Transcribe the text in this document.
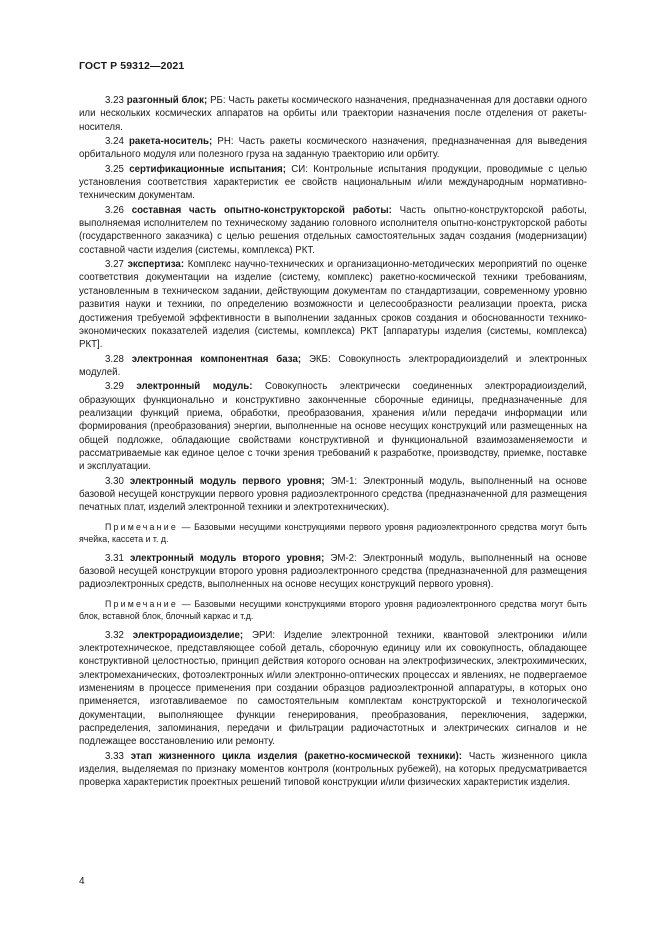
ГОСТ Р 59312—2021

3.23 разгонный блок; РБ: Часть ракеты космического назначения, предназначенная для доставки одного или нескольких космических аппаратов на орбиты или траектории назначения после отделения от ракеты-носителя.

3.24 ракета-носитель; РН: Часть ракеты космического назначения, предназначенная для выведения орбитального модуля или полезного груза на заданную траекторию или орбиту.

3.25 сертификационные испытания; СИ: Контрольные испытания продукции, проводимые с целью установления соответствия характеристик ее свойств национальным и/или международным нормативно-техническим документам.

3.26 составная часть опытно-конструкторской работы: Часть опытно-конструкторской работы, выполняемая исполнителем по техническому заданию головного исполнителя опытно-конструкторской работы (государственного заказчика) с целью решения отдельных самостоятельных задач создания (модернизации) составной части изделия (системы, комплекса) РКТ.

3.27 экспертиза: Комплекс научно-технических и организационно-методических мероприятий по оценке соответствия документации на изделие (систему, комплекс) ракетно-космической техники требованиям, установленным в техническом задании, действующим документам по стандартизации, современному уровню развития науки и техники, по определению возможности и целесообразности реализации проекта, риска достижения требуемой эффективности в выполнении заданных сроков создания и обоснованности технико-экономических показателей изделия (системы, комплекса) РКТ [аппаратуры изделия (системы, комплекса) РКТ].

3.28 электронная компонентная база; ЭКБ: Совокупность электрорадиоизделий и электронных модулей.

3.29 электронный модуль: Совокупность электрически соединенных электрорадиоизделий, образующих функционально и конструктивно законченные сборочные единицы, предназначенные для реализации функций приема, обработки, преобразования, хранения и/или передачи информации или формирования (преобразования) энергии, выполненные на основе несущих конструкций или размещенных на общей подложке, обладающие свойствами конструктивной и функциональной взаимозаменяемости и рассматриваемые как единое целое с точки зрения требований к разработке, производству, приемке, поставке и эксплуатации.

3.30 электронный модуль первого уровня; ЭМ-1: Электронный модуль, выполненный на основе базовой несущей конструкции первого уровня радиоэлектронного средства (предназначенной для размещения печатных плат, изделий электронной техники и электротехнических).

Примечание — Базовыми несущими конструкциями первого уровня радиоэлектронного средства могут быть ячейка, кассета и т. д.

3.31 электронный модуль второго уровня; ЭМ-2: Электронный модуль, выполненный на основе базовой несущей конструкции второго уровня радиоэлектронного средства (предназначенной для размещения радиоэлектронных средств, выполненных на основе несущих конструкций первого уровня).

Примечание — Базовыми несущими конструкциями второго уровня радиоэлектронного средства могут быть блок, вставной блок, блочный каркас и т.д.

3.32 электрорадиоизделие; ЭРИ: Изделие электронной техники, квантовой электроники и/или электротехническое, представляющее собой деталь, сборочную единицу или их совокупность, обладающее конструктивной целостностью, принцип действия которого основан на электрофизических, электрохимических, электромеханических, фотоэлектронных и/или электронно-оптических процессах и явлениях, не подвергаемое изменениям в процессе применения при создании образцов радиоэлектронной аппаратуры, в которых оно применяется, изготавливаемое по самостоятельным комплектам конструкторской и технологической документации, выполняющее функции генерирования, преобразования, переключения, задержки, распределения, запоминания, передачи и фильтрации радиочастотных и электрических сигналов и не подлежащее восстановлению или ремонту.

3.33 этап жизненного цикла изделия (ракетно-космической техники): Часть жизненного цикла изделия, выделяемая по признаку моментов контроля (контрольных рубежей), на которых предусматривается проверка характеристик проектных решений типовой конструкции и/или физических характеристик изделия.

4
